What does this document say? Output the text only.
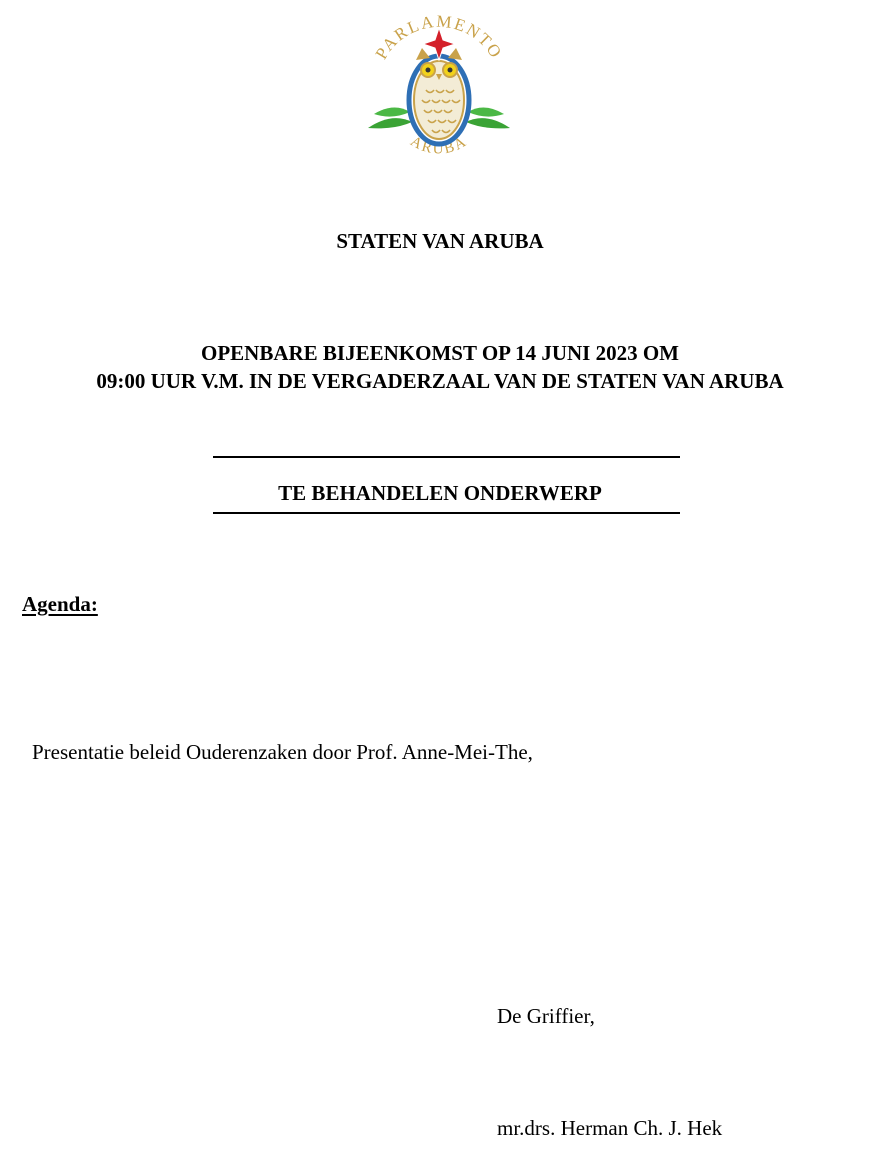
PARLAMENTO
ARUBA
STATEN VAN ARUBA
OPENBARE BIJEENKOMST OP 14 JUNI 2023 OM
09:00 UUR V.M. IN DE VERGADERZAAL VAN DE STATEN VAN ARUBA
TE BEHANDELEN ONDERWERP

Agenda:

Presentatie beleid Ouderenzaken door Prof. Anne-Mei-The,

De Griffier,

mr.drs. Herman Ch. J. Hek
